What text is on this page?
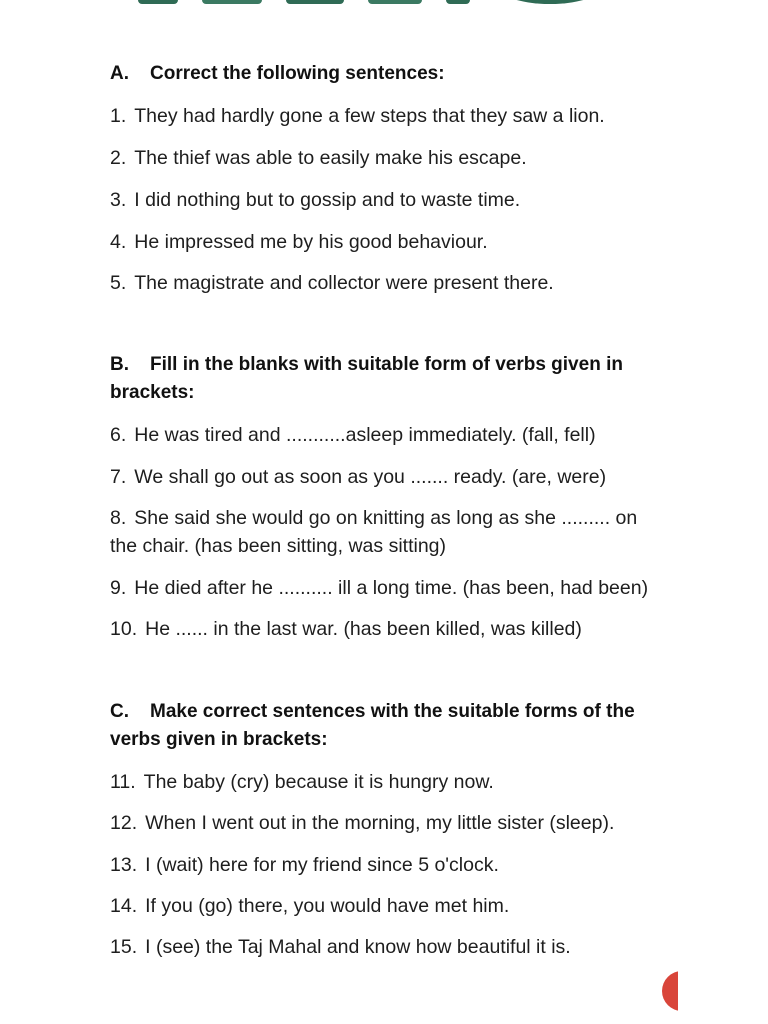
A. Correct the following sentences:
1. They had hardly gone a few steps that they saw a lion.
2. The thief was able to easily make his escape.
3. I did nothing but to gossip and to waste time.
4. He impressed me by his good behaviour.
5. The magistrate and collector were present there.
B. Fill in the blanks with suitable form of verbs given in brackets:
6. He was tired and ...........asleep immediately. (fall, fell)
7. We shall go out as soon as you ....... ready. (are, were)
8. She said she would go on knitting as long as she ......... on the chair. (has been sitting, was sitting)
9. He died after he .......... ill a long time. (has been, had been)
10. He ...... in the last war. (has been killed, was killed)
C. Make correct sentences with the suitable forms of the verbs given in brackets:
11. The baby (cry) because it is hungry now.
12. When I went out in the morning, my little sister (sleep).
13. I (wait) here for my friend since 5 o'clock.
14. If you (go) there, you would have met him.
15. I (see) the Taj Mahal and know how beautiful it is.
